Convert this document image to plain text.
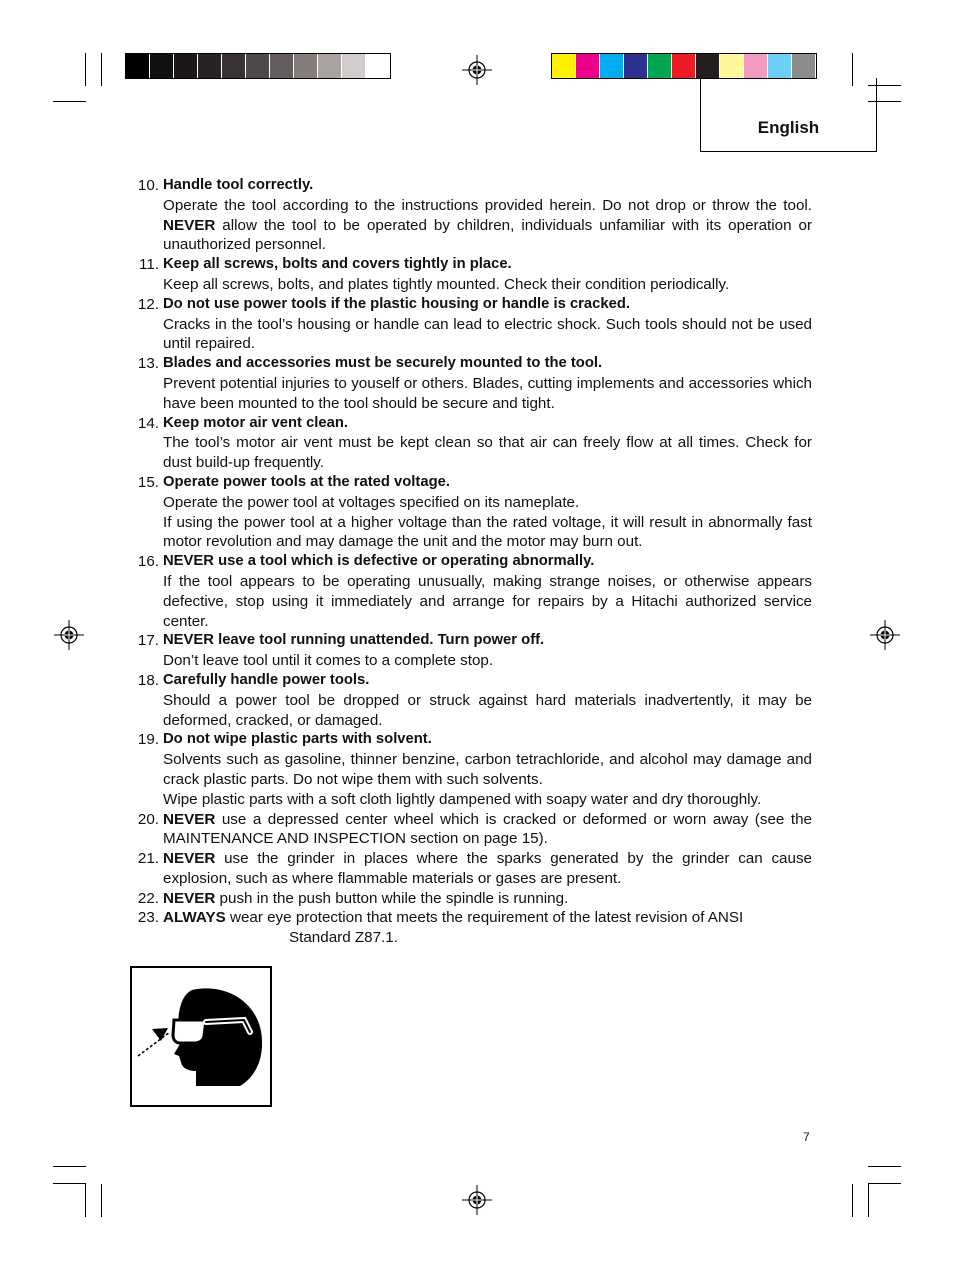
English
10. Handle tool correctly.
Operate the tool according to the instructions provided herein. Do not drop or throw the tool. NEVER allow the tool to be operated by children, individuals unfamiliar with its operation or unauthorized personnel.
11. Keep all screws, bolts and covers tightly in place.
Keep all screws, bolts, and plates tightly mounted. Check their condition periodically.
12. Do not use power tools if the plastic housing or handle is cracked.
Cracks in the tool’s housing or handle can lead to electric shock. Such tools should not be used until repaired.
13. Blades and accessories must be securely mounted to the tool.
Prevent potential injuries to youself or others. Blades, cutting implements and accessories which have been mounted to the tool should be secure and tight.
14. Keep motor air vent clean.
The tool’s motor air vent must be kept clean so that air can freely flow at all times. Check for dust build-up frequently.
15. Operate power tools at the rated voltage.
Operate the power tool at voltages specified on its nameplate.
If using the power tool at a higher voltage than the rated voltage, it will result in abnormally fast motor revolution and may damage the unit and the motor may burn out.
16. NEVER use a tool which is defective or operating abnormally.
If the tool appears to be operating unusually, making strange noises, or otherwise appears defective, stop using it immediately and arrange for repairs by a Hitachi authorized service center.
17. NEVER leave tool running unattended. Turn power off.
Don’t leave tool until it comes to a complete stop.
18. Carefully handle power tools.
Should a power tool be dropped or struck against hard materials inadvertently, it may be deformed, cracked, or damaged.
19. Do not wipe plastic parts with solvent.
Solvents such as gasoline, thinner benzine, carbon tetrachloride, and alcohol may damage and crack plastic parts. Do not wipe them with such solvents.
Wipe plastic parts with a soft cloth lightly dampened with soapy water and dry thoroughly.
20. NEVER use a depressed center wheel which is cracked or deformed or worn away (see the MAINTENANCE AND INSPECTION section on page 15).
21. NEVER use the grinder in places where the sparks generated by the grinder can cause explosion, such as where flammable materials or gases are present.
22. NEVER push in the push button while the spindle is running.
23. ALWAYS wear eye protection that meets the requirement of the latest revision of ANSI
Standard Z87.1.
7
